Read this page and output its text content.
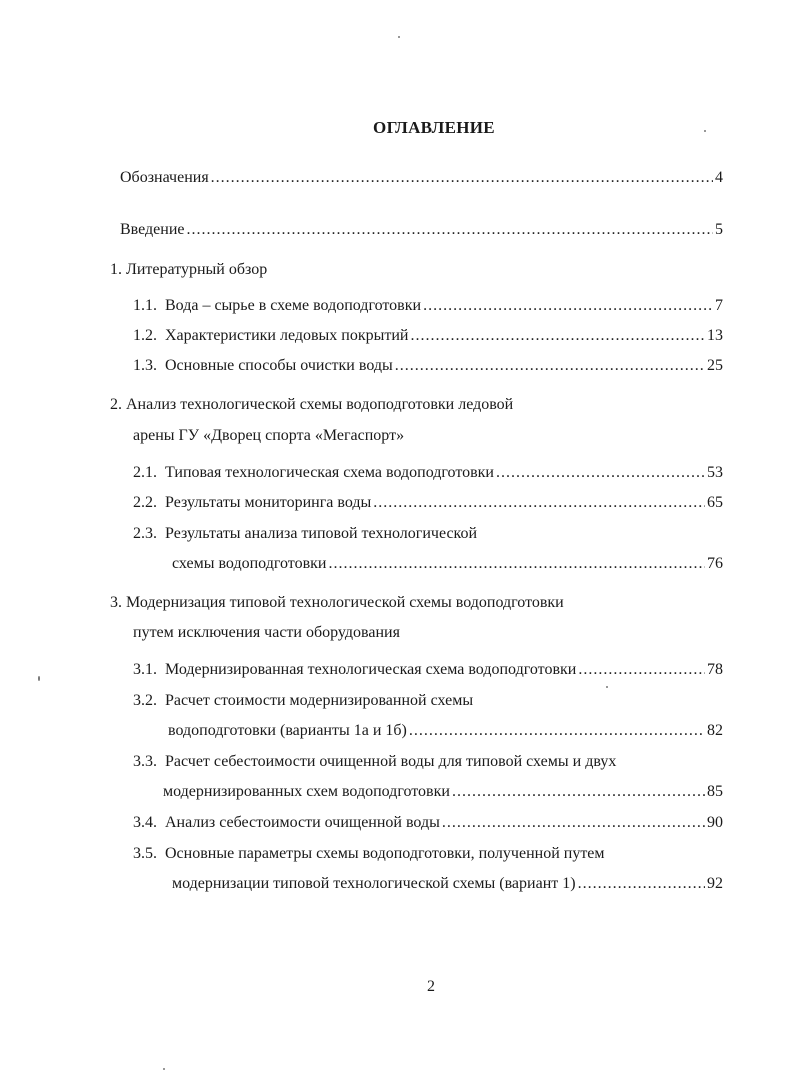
ОГЛАВЛЕНИЕ
Обозначения .....	4
Введение .....	5
1. Литературный обзор
1.1. Вода – сырье в схеме водоподготовки .....	7
1.2. Характеристики ледовых покрытий .....	13
1.3. Основные способы очистки воды .....	25
2. Анализ технологической схемы водоподготовки ледовой
арены ГУ «Дворец спорта «Мегаспорт»
2.1. Типовая технологическая схема водоподготовки .....	53
2.2. Результаты мониторинга воды .....	65
2.3. Результаты анализа типовой технологической
схемы водоподготовки .....	76
3. Модернизация типовой технологической схемы водоподготовки
путем исключения части оборудования
3.1. Модернизированная технологическая схема водоподготовки .....	78
3.2. Расчет стоимости модернизированной схемы
водоподготовки (варианты 1а и 1б) .....	82
3.3. Расчет себестоимости очищенной воды для типовой схемы и двух
модернизированных схем водоподготовки .....	85
3.4. Анализ себестоимости очищенной воды .....	90
3.5. Основные параметры схемы водоподготовки, полученной путем
модернизации типовой технологической схемы (вариант 1) .....	92
2
